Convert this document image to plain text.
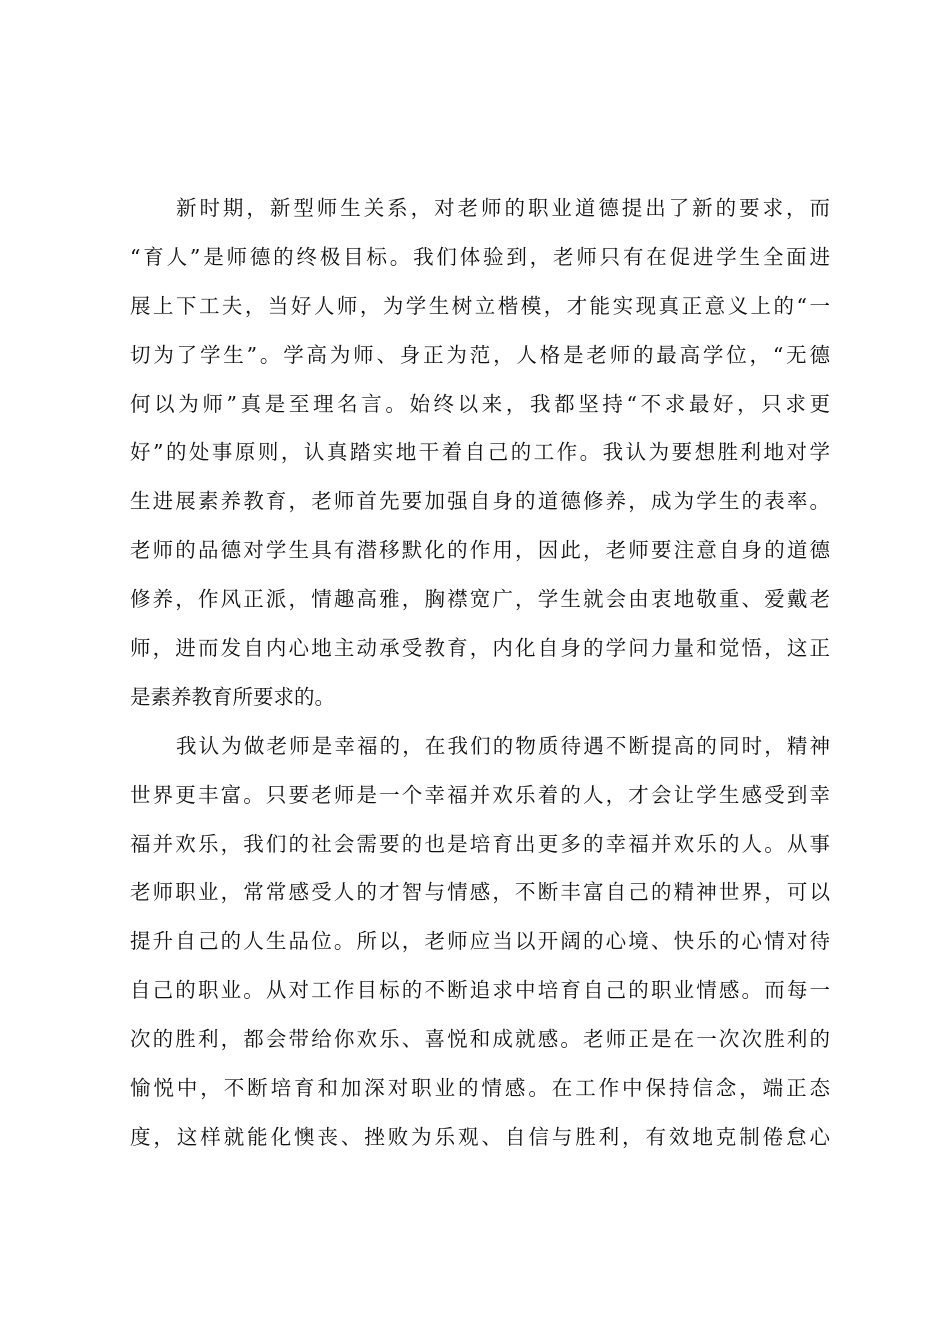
新时期，新型师生关系，对老师的职业道德提出了新的要求，而
“育人”是师德的终极目标。我们体验到，老师只有在促进学生全面进
展上下工夫，当好人师，为学生树立楷模，才能实现真正意义上的“一
切为了学生”。学高为师、身正为范，人格是老师的最高学位，“无德
何以为师”真是至理名言。始终以来，我都坚持“不求最好，只求更
好”的处事原则，认真踏实地干着自己的工作。我认为要想胜利地对学
生进展素养教育，老师首先要加强自身的道德修养，成为学生的表率。
老师的品德对学生具有潜移默化的作用，因此，老师要注意自身的道德
修养，作风正派，情趣高雅，胸襟宽广，学生就会由衷地敬重、爱戴老
师，进而发自内心地主动承受教育，内化自身的学问力量和觉悟，这正
是素养教育所要求的。
我认为做老师是幸福的，在我们的物质待遇不断提高的同时，精神
世界更丰富。只要老师是一个幸福并欢乐着的人，才会让学生感受到幸
福并欢乐，我们的社会需要的也是培育出更多的幸福并欢乐的人。从事
老师职业，常常感受人的才智与情感，不断丰富自己的精神世界，可以
提升自己的人生品位。所以，老师应当以开阔的心境、快乐的心情对待
自己的职业。从对工作目标的不断追求中培育自己的职业情感。而每一
次的胜利，都会带给你欢乐、喜悦和成就感。老师正是在一次次胜利的
愉悦中，不断培育和加深对职业的情感。在工作中保持信念，端正态
度，这样就能化懊丧、挫败为乐观、自信与胜利，有效地克制倦怠心
